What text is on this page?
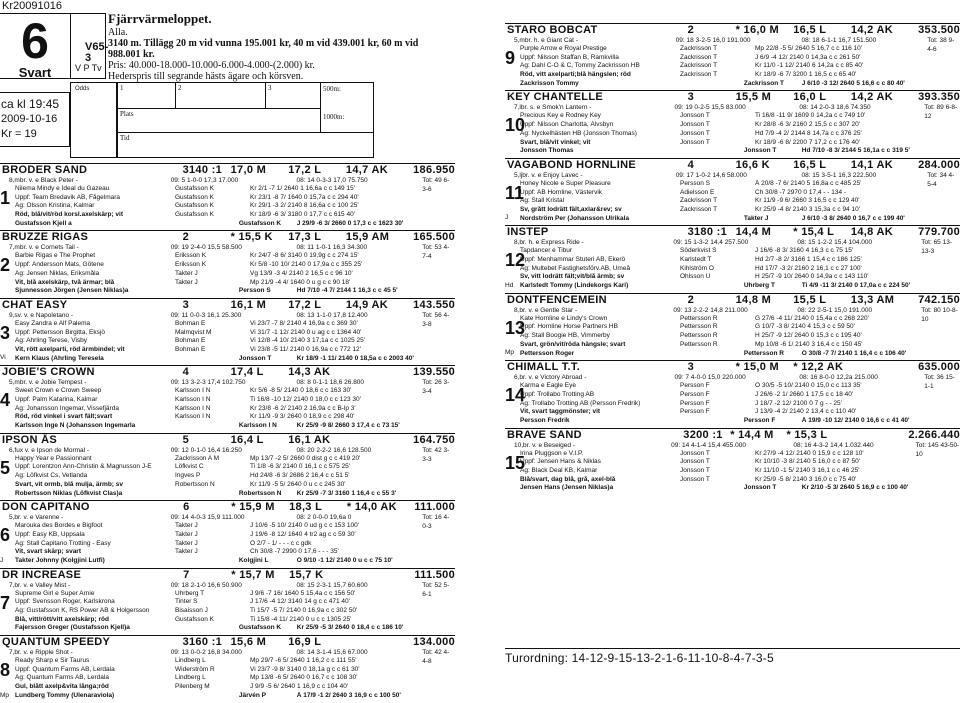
Kr20091016
6
Svart
V65-3
V P Tv
Fjärrvärmeloppet.
Alla.
3140 m. Tillägg 20 m vid vunna 195.001 kr, 40 m vid 439.001 kr, 60 m vid
988.001 kr.
Pris: 40.000-18.000-10.000-6.000-4.000-(2.000) kr.
Hederspris till segrande hästs ägare och körsven.
ca kl 19:45
2009-10-16
Kr = 19
Odds	1	2	3	500m:

1000m:
Plats
Tid
BRODER SAND	3140 :1 17,0 M	17,2 L	14,7 AK	186.950
8,mbr. v. e Black Peter -	09: 5 1-0-0 17,3 17.000	08: 14 0-3-3 17,0 75.750	Tot: 49 6-3-6
1 Nilema Mindy e Ideal du Gazeau	Gustafsson K	Kr 2/1 -7 1/ 2640 1 16,6a c c 149 15'
Uppf: Team Bredavik AB, Fågelmara	Gustafsson K	Kr 23/1 -8 7/ 1640 0 15,7a c c 294 40'
Äg: Olsson Kristina, Kalmar	Gustafsson K	Kr 29/1 -3 2/ 2140 8 16,6a c c 100 25'
Röd, blå/vit/röd korsl.axelskärp; vit	Gustafsson K	Kr 18/9 -6 3/ 3180 0 17,7 c c 615 40'
Gustafsson Kjell a	Gustafsson K	J 29/9 -6 3/ 2660 0 17,3 c c 1623 30'
BRUZZE RIGAS	2	* 15,5 K	17,3 L	15,9 AM	165.500
7,mbr. v. e Cornets Tail -	09: 19 2-4-0 15,5 58.500	08: 11 1-0-1 16,3 34.300	Tot: 53 4-7-4
2 Barbie Rigas e The Prophet	Eriksson K	Kr 24/7 -8 6/ 3140 0 19,9g c c 274 15'
Uppf: Andersson Mats, Götene	Eriksson K	Kr 5/8 -10 10/ 2140 0 17,9a c c 355 25'
Äg: Jensen Niklas, Eriksmåla	Takter J	Vg 13/9 -3 4/ 2140 2 16,5 c c 96 10'
Vit, blå axelskärp, två ärmar; blå	Takter J	Mp 21/9 -4 4/ 1640 0 u g c c 90 18'
Sjunnesson Jörgen (Jensen Niklas)a	Persson S	Hd 7/10 -4 7/ 2144 1 16,3 c c 45 5'
CHAT EASY	3	16,1 M	17,2 L	14,9 AK	143.550
9,sv. v. e Napoletano -	09: 11 0-0-3 16,1 25.300	08: 13 1-1-0 17,8 12.400	Tot: 56 4-3-8
3 Easy Zandra e Alf Palema	Bohman E	Vi 23/7 -7 8/ 2140 4 16,9a c c 369 30'
Uppf: Pettersson Birgitta, Eksjö	Malmqvist M	Vi 31/7 -1 12/ 2140 0 u ag c c 1364 40'
Äg: Ahrling Terese, Visby	Bohman E	Vi 12/8 -4 10/ 2140 3 17,1a c c 1025 25'
Vit, rött axelparti, röd ärmbindel; vit	Bohman E	Vi 23/8 -5 11/ 2140 0 16,9a c c 772 12'
Kern Klaus (Ahrling Teresela	Jonsson T	Kr 18/9 -1 11/ 2140 0 18,5a c c 2003 40'
Vi
JOBIE'S CROWN	4	17,4 L	14,3 AK	139.550
5,mbr. v. e Jobie Tempest -	09: 13 3-2-3 17,4 102.750	08: 8 0-1-1 18,6 26.800	Tot: 26 3-3-4
4 Sweet Crown e Crown Sweep	Karlsson I N	Kr 5/6 -8 5/ 2140 0 18,6 c c 163 30'
Uppf: Palm Katarina, Kalmar	Karlsson I N	Ti 16/8 -10 12/ 2140 0 18,0 c c 123 30'
Äg: Johansson Ingemar, Vissefjärda	Karlsson I N	Kr 23/8 -6 2/ 2140 2 16,9a c c B-lp 3'
Röd, röd vinkel i svart fält;svart	Karlsson I N	Kr 11/9 -9 3/ 2640 0 18,9 c c 298 40'
Karlsson Inge N (Johansson Ingemarla	Karlsson I N	Kr 25/9 -9 8/ 2660 3 17,4 c c 73 15'
IPSON ÅS	5	16,4 L	16,1 AK	164.750
6,fux v. e Ipson de Mormal -	09: 12 0-1-0 16,4 16.250	08: 20 2-2-2 16,6 128.500	Tot: 42 3-3-3
5 Happy Year e Passionnant	Zackrisson A M	Mp 13/7 -2 5/ 2660 0 dist g c c 419 20'
Uppf: Lorentzon Ann-Christin & Magnusson J-E	Löfkvist C	Ti 1/8 -6 3/ 2140 0 16,1 c c 575 25'
Äg: Löfkvist Cs, Vetlanda	Ingves P	Hd 24/8 -6 3/ 2686 2 16,4 c c 51 5'
Svart, vit ormb, blå mulja, ärmb; sv	Robertsson N	Kr 11/9 -5 5/ 2640 0 u c c 245 30'
Robertsson Niklas (Löfkvist Clas)a	Robertsson N	Kr 25/9 -7 3/ 3160 1 16,4 c c 55 3'
DON CAPITANO	6	* 15,9 M	18,3 L	* 14,0 AK	111.000
5,br. v. e Varenne -	09: 14 4-0-3 15,9 111.000	08: 2 0-0-0 19,6a 0	Tot: 16 4-0-3
6 Marouka des Bordes e Bigfoot	Takter J	J 10/6 -5 10/ 2140 0 ud g c c 153 100'
Uppf: Easy KB, Uppsala	Takter J	J 19/6 -8 12/ 1640 4 tr2 ag c c 59 30'
Äg: Stall Capitano Trotting - Easy	Takter J	Ö 2/7 - 1/ - - - c c gdk
Vit, svart skärp; svart	Takter J	Ch 30/8 -7 2990 0 17,6 - - - 35'
Takter Johnny (Kolgjini Lutfi)	Kolgjini L	Ö 9/10 -1 12/ 2140 0 u c c 75 10'
J
DR INCREASE	7	* 15,7 M	15,7 K	111.500
7,br. v. e Valley Mist -	09: 18 2-1-0 16,6 50.900	08: 15 2-3-1 15,7 60.600	Tot: 52 5-6-1
7 Supreme Girl e Super Arnie	Uhrberg T	J 9/6 -7 16/ 1640 5 15,4a c c 156 50'
Uppf: Svensson Roger, Karlskrona	Tinter S	J 17/6 -4 12/ 3140 14 g c c 471 40'
Äg: Gustafsson K, RS Power AB & Holgersson	Bisaisson J	Ti 15/7 -5 7/ 2140 0 16,9a c c 302 50'
Blå, vitt/rött/vitt axelskärp; röd	Gustafsson K	Ti 15/8 -4 11/ 2140 0 u c c 1305 25'
Fajersson Greger (Gustafsson Kjell)a	Gustafsson K	Kr 25/9 -5 3/ 2640 0 18,4 c c 186 10'
QUANTUM SPEEDY	3160 :1 15,6 M	16,9 L	134.000
7,br. v. e Ripple Shot -	09: 13 0-0-2 16,8 34.000	08: 14 3-1-4 15,6 67.000	Tot: 42 4-4-8
8 Ready Sharp e Sir Taurus	Lindberg L	Mp 29/7 -6 5/ 2640 1 16,2 c c 111 55'
Uppf: Quantum Farms AB, Lerdala	Widerström R	Vi 23/7 -9 8/ 3140 0 18,1a g c c 61 30'
Äg: Quantum Farms AB, Lerdala	Lindberg L	Mp 13/8 -6 5/ 2640 0 16,7 c c 108 30'
Gul, blått axelp&vita långa;röd	Pilenberg M	J 9/9 -5 6/ 2640 1 16,9 c c 104 40'
Lundberg Tommy (Ulenaraviola)	Järvén P	Å 17/9 -1 2/ 2640 3 16,9 c c 100 50'
Mp
STARO BOBCAT	2	* 16,0 M	16,5 L	14,2 AK	353.500
5,mbr. h. e Giant Cat -	09: 18 3-2-5 16,0 191.000	08: 18 6-1-1 16,7 151.500	Tot: 38 9-4-6
9 Purple Arrow e Royal Prestige	Zackrisson T	Mp 22/8 -5 5/ 2640 5 16,7 c c 116 10'
Uppf: Nilsson Staffan B, Ramkvilla	Zackrisson T	J 6/9 -4 12/ 2140 0 14,3a c c 261 50'
Äg: Dahl C-O & C, Tommy Zackrisson HB	Zackrisson T	Kr 11/0 -1 12/ 2140 6 14,2a c c 85 40'
Röd, vitt axelparti;blå hängslen; röd	Zackrisson T	Kr 18/9 -6 7/ 3200 1 16,5 c c 65 40'
Zackrisson Tommy	Zackrisson T	J 6/10 -3 12/ 2640 5 16,6 c c 80 40'
KEY CHANTELLE	3	15,5 M	16,0 L	14,2 AK	393.350
7,lbr. s. e Smok'n Lantern -	09: 19 0-2-5 15,5 83.000	08: 14 2-0-3 18,6 74.350	Tot: 89 6-8-12
10
Precious Key e Rodney Key	Jonsson T	Ti 16/8 -11 9/ 1609 0 14,2a c c 749 10'
Uppf: Nilsson Charlotta, Älvsbyn	Jonsson T	Kr 28/8 -6 3/ 2160 2 15,5 c c 307 20'
Äg: Nyckelhästen HB (Jonsson Thomas)	Jonsson T	Hd 7/9 -4 2/ 2144 8 14,7a c c 376 25'
Svart, blå/vit vinkel; vit	Jonsson T	Kr 18/9 -6 8/ 2200 7 17,2 c c 176 40'
Jonsson Thomas	Jonsson T	Hd 7/10 -8 3/ 2144 5 16,1a c c 319 5'
VAGABOND HORNLINE	4	16,6 K	16,5 L	14,1 AK	284.000
5,ljbr. v. e Enjoy Lavec -	09: 17 1-0-2 14,6 58.000	08: 15 3-5-1 16,3 222.500	Tot: 34 4-5-4
11
Honey Nicole e Super Pleasure	Persson S	Å 20/8 -7 6/ 2140 5 16,8a c c 485 25'
Uppf: AB Hornline, Västervik	Adielsson E	Ch 30/8 -7 2970 0 17,4 - - 134 -
Äg: Stall Kristal	Zackrisson T	Kr 11/9 -9 6/ 2660 3 16,5 c c 129 40'
Sv, grått lodrätt fält,axlar&rev; sv	Zackrisson T	Kr 25/9 -4 8/ 2140 3 15,3a c c 94 10'
Nordström Per (Johansson Ulrikala	Takter J	J 6/10 -3 8/ 2640 0 16,7 c c 199 40'
J
INSTEP	3180 :1 14,4 M	* 15,4 L	14,8 AK	779.700
8,br. h. e Express Ride -	09: 15 1-3-2 14,4 257.500	08: 15 1-2-2 15,4 104.000	Tot: 65 13-13-3
12
Tapdancer e Tibur	Söderkvist S	J 16/6 -8 3/ 3160 4 16,3 c c 75 15'
Uppf: Menhammar Stuteri AB, Ekerö	Karlstedt T	Hd 2/7 -8 2/ 3166 1 15,4 c c 186 125'
Äg: Multebet Fastighetsförv.AB, Umeå	Kihlström Ö	Hd 17/7 -3 2/ 2160 2 16,1 c c 27 100'
Sv, vitt lodrätt fält;vit/blå ärmb; sv	Ohlsson U	H 25/7 -9 10/ 2640 0 14,9a c c 143 110'
Karlstedt Tommy (Lindekorgs Kari)	Uhrberg T	Ti 4/9 -11 3/ 2140 0 17,0a c c 224 50'
Hd
DONTFENCEMEIN	2	14,8 M	15,5 L	13,3 AM	742.150
8,br. v. e Gentle Star -	09: 13 2-2-2 14,8 211.000	08: 22 2-5-1 15,0 191.000	Tot: 80 10-8-10
13
Kate Hornline e Lindy's Crown	Pettersson R	G 27/6 -4 11/ 2140 0 15,4a c c 268 220'
Uppf: Hornline Horse Partners HB	Pettersson R	G 10/7 -3 8/ 2140 4 15,3 c c 59 50'
Äg: Stall Boogie HB, Vimmerby	Pettersson R	H 25/7 -9 12/ 2640 0 15,3 c c 195 40'
Svart, grön/vit/röda hängsle; svart	Pettersson R	Mp 10/8 -6 1/ 2140 3 16,4 c c 150 45'
Pettersson Roger	Pettersson R	Ö 30/8 -7 7/ 2140 1 16,4 c c 106 40'
Mp
CHIMALL T.T.	3	* 15,0 M	* 12,2 AK	635.000
6,br. v. e Victory Abroad -	09: 7 4-0-0 15,0 220.000	08: 16 8-0-0 12,2a 215.000	Tot: 36 15-1-1
14
Karma e Eagle Eye	Persson F	Ö 30/5 -5 10/ 2140 0 15,0 c c 113 35'
Uppf: Trollabo Trotting AB	Persson F	J 26/6 -2 1/ 2660 1 17,5 c c 18 40'
Äg: Trollabo Trotting AB (Persson Fredrik)	Persson F	J 18/7 -2 12/ 2100 0 7 g - - 25'
Vit, svart taggmönster; vit	Persson F	J 13/9 -4 2/ 2140 2 13,4 c c 110 40'
Persson Fredrik	Persson F	Å 19/9 -10 12/ 2140 0 16,6 c c 41 40'
BRAVE SAND	3200 :1 * 14,4 M	* 15,3 L	2.266.440
10,br. v. e Beseiged -	09: 14 4-1-4 15,4 455.000	08: 16 4-3-2 14,4 1.032.440	Tot: 145 43-50-10
15
Irina Pluggson e V.I.P.	Jonsson T	Kr 27/9 -4 12/ 2140 0 15,9 c c 128 10'
Uppf: Jensen Hans & Niklas	Jonsson T	Kr 10/10 -3 8/ 2140 5 16,0 c c 87 50'
Äg: Black Deal KB, Kalmar	Jonsson T	Kr 11/10 -1 5/ 2140 3 16,1 c c 46 25'
Blå/svart, dag blå, grå, axel-blå	Jonsson T	Kr 25/9 -5 8/ 2140 3 16,0 c c 75 40'
Jensen Hans (Jensen Niklas)a	Jonsson T	Kr 2/10 -5 3/ 2640 5 16,9 c c 100 40'
Turordning: 14-12-9-15-13-2-1-6-11-10-8-4-7-3-5
